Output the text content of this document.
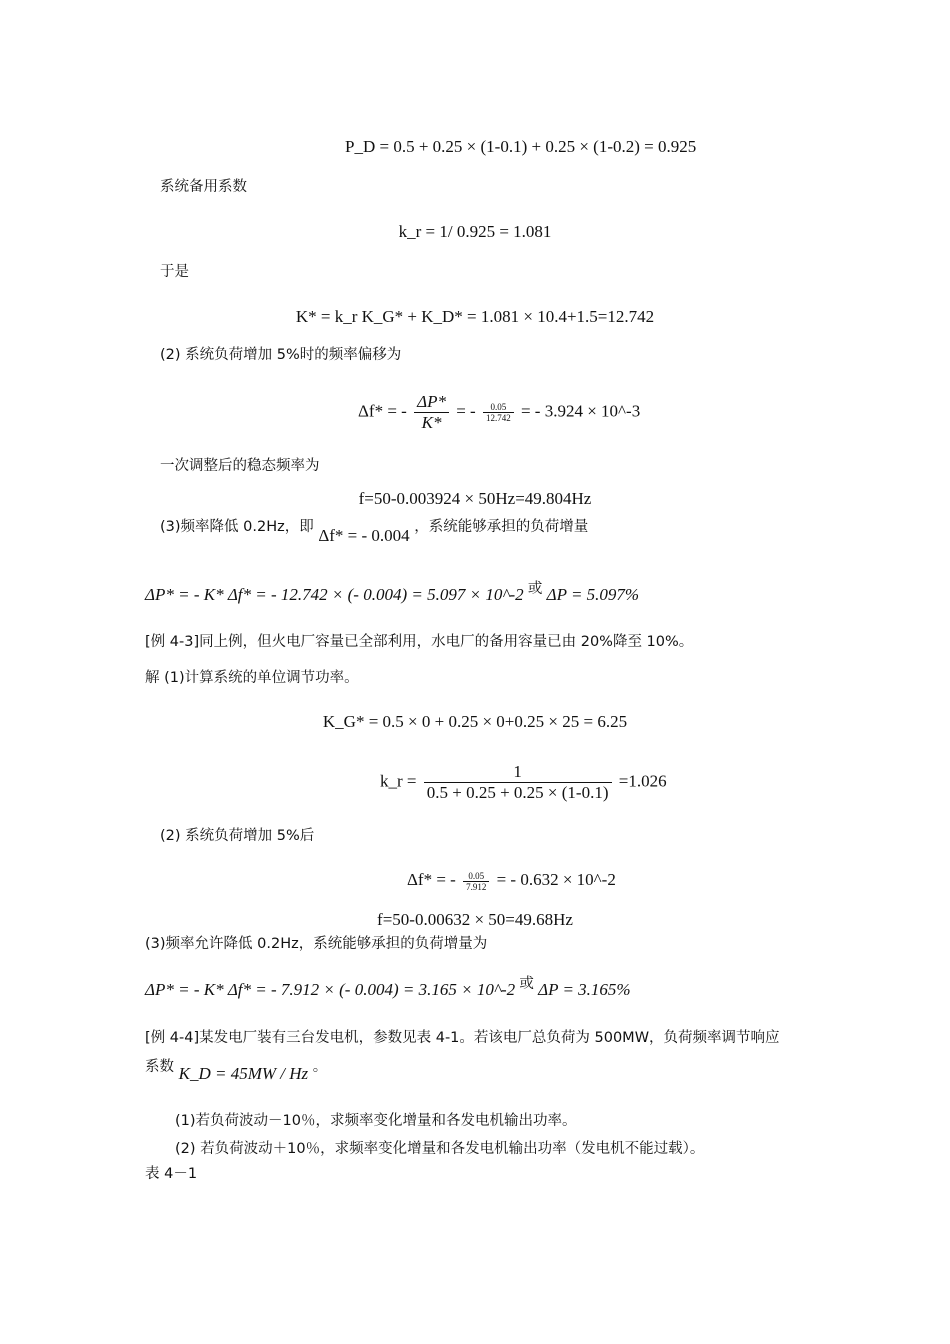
P_D = 0.5 + 0.25 × (1-0.1) + 0.25 × (1-0.2) = 0.925
系统备用系数
k_r = 1/ 0.925 = 1.081
于是
K* = k_r K_G* + K_D* = 1.081 × 10.4+1.5=12.742
(2) 系统负荷增加 5%时的频率偏移为
Δf* = - $\frac{\Delta P*}{K*}$ = - $\frac{0.05}{12.742}$ = - 3.924 × 10^-3
一次调整后的稳态频率为
f=50-0.003924 × 50Hz=49.804Hz
(3)频率降低 0.2Hz，即 Δf* = - 0.004 ，系统能够承担的负荷增量
ΔP* = - K* Δf* = - 12.742 × (- 0.004) = 5.097 × 10^-2 或 ΔP = 5.097%
[例 4-3]同上例，但火电厂容量已全部利用，水电厂的备用容量已由 20%降至 10%。
解 (1)计算系统的单位调节功率。
K_G* = 0.5 × 0 + 0.25 × 0+0.25 × 25 = 6.25
k_r = $\frac{1}{0.5 + 0.25 + 0.25 \times (1-0.1)} =1.026$
(2) 系统负荷增加 5%后
Δf* = - $\frac{0.05}{7.912}$ = - 0.632 × 10^-2
f=50-0.00632 × 50=49.68Hz
(3)频率允许降低 0.2Hz，系统能够承担的负荷增量为
ΔP* = - K* Δf* = - 7.912 × (- 0.004) = 3.165 × 10^-2 或 ΔP = 3.165%
[例 4-4]某发电厂装有三台发电机，参数见表 4-1。若该电厂总负荷为 500MW，负荷频率调节响应
系数 K_D = 45MW / Hz 。
(1)若负荷波动－10％，求频率变化增量和各发电机输出功率。
(2) 若负荷波动＋10％，求频率变化增量和各发电机输出功率（发电机不能过载）。
表 4－1
